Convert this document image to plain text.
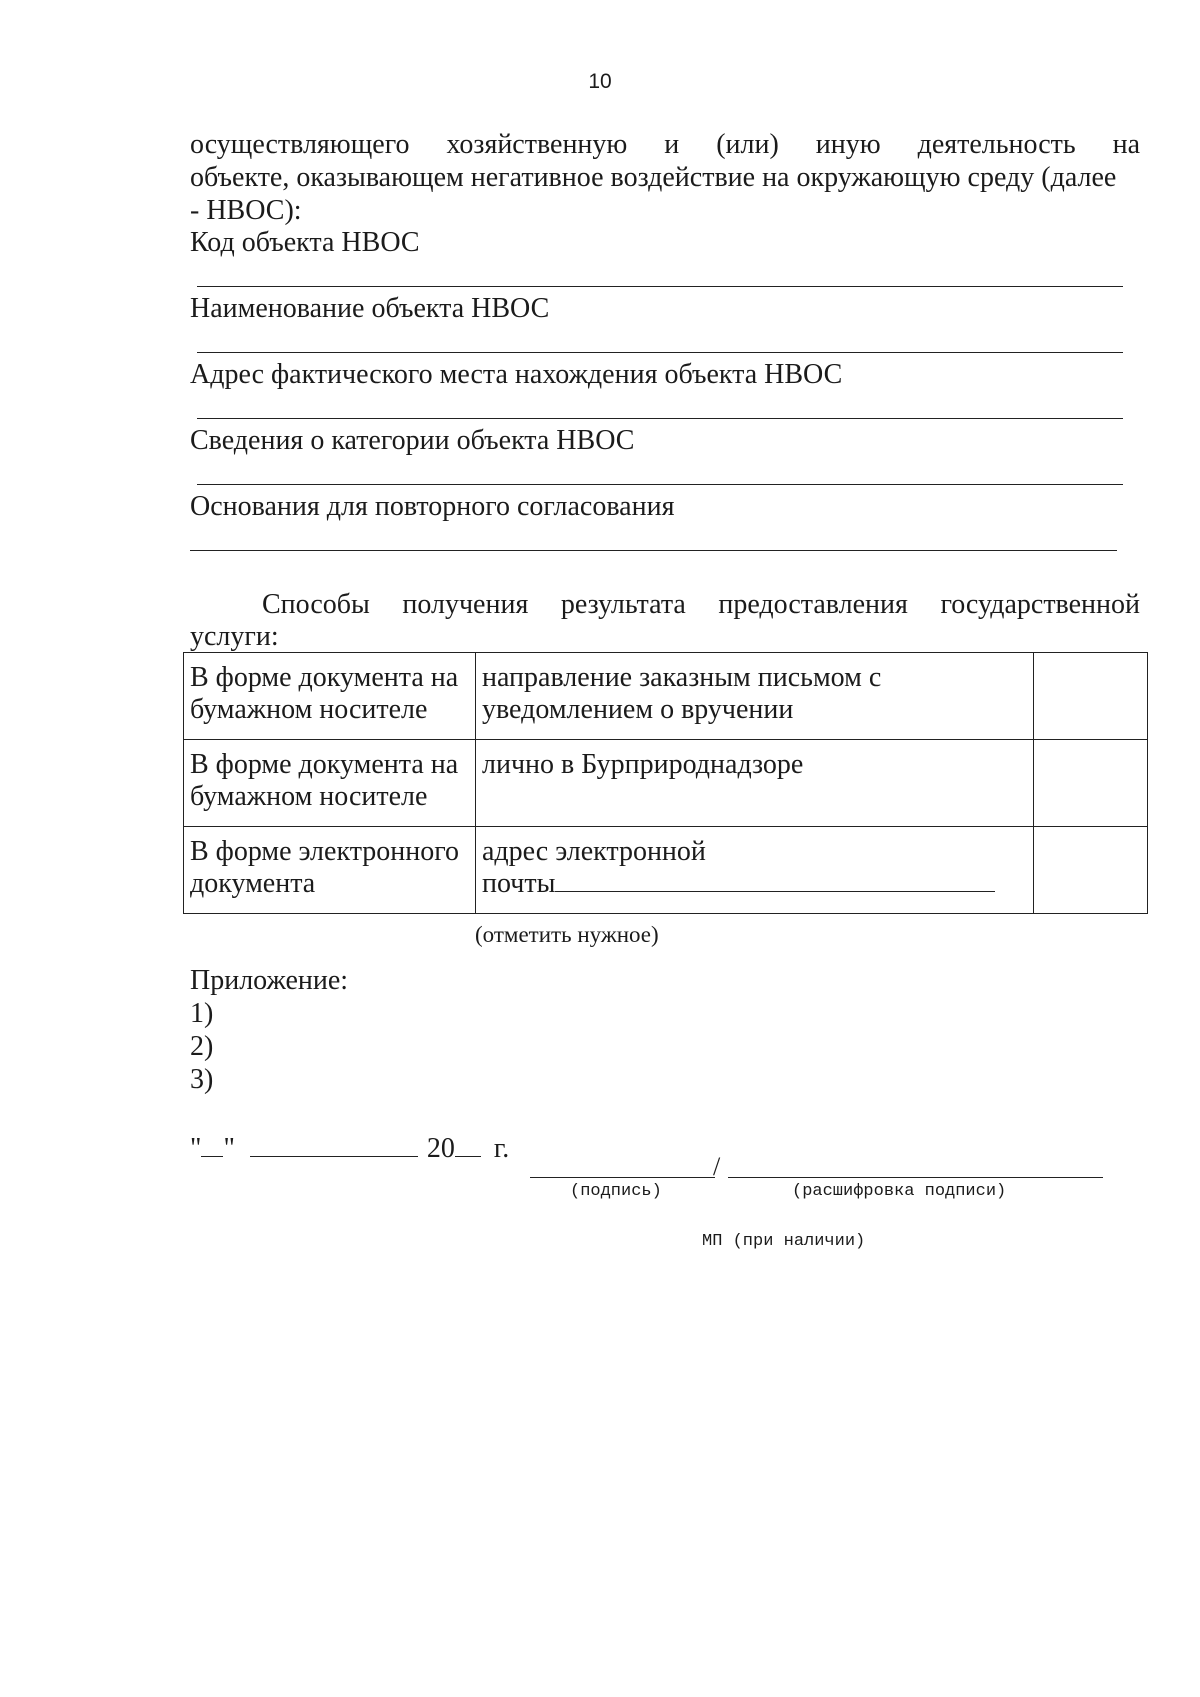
10
осуществляющего хозяйственную и (или) иную деятельность на
объекте, оказывающем негативное воздействие на окружающую среду (далее
- НВОС):
Код объекта НВОС
Наименование объекта НВОС
Адрес фактического места нахождения объекта НВОС
Сведения о категории объекта НВОС
Основания для повторного согласования
Способы получения результата предоставления государственной
услуги:
В форме документа на бумажном носителе	направление заказным письмом с уведомлением о вручении	
В форме документа на бумажном носителе	лично в Бурприроднадзоре	
В форме электронного документа	адрес электронной
почты	

(отметить нужное)
Приложение:
1)
2)
3)
" "	20 г.
/
(подпись)	(расшифровка подписи)
МП (при наличии)
